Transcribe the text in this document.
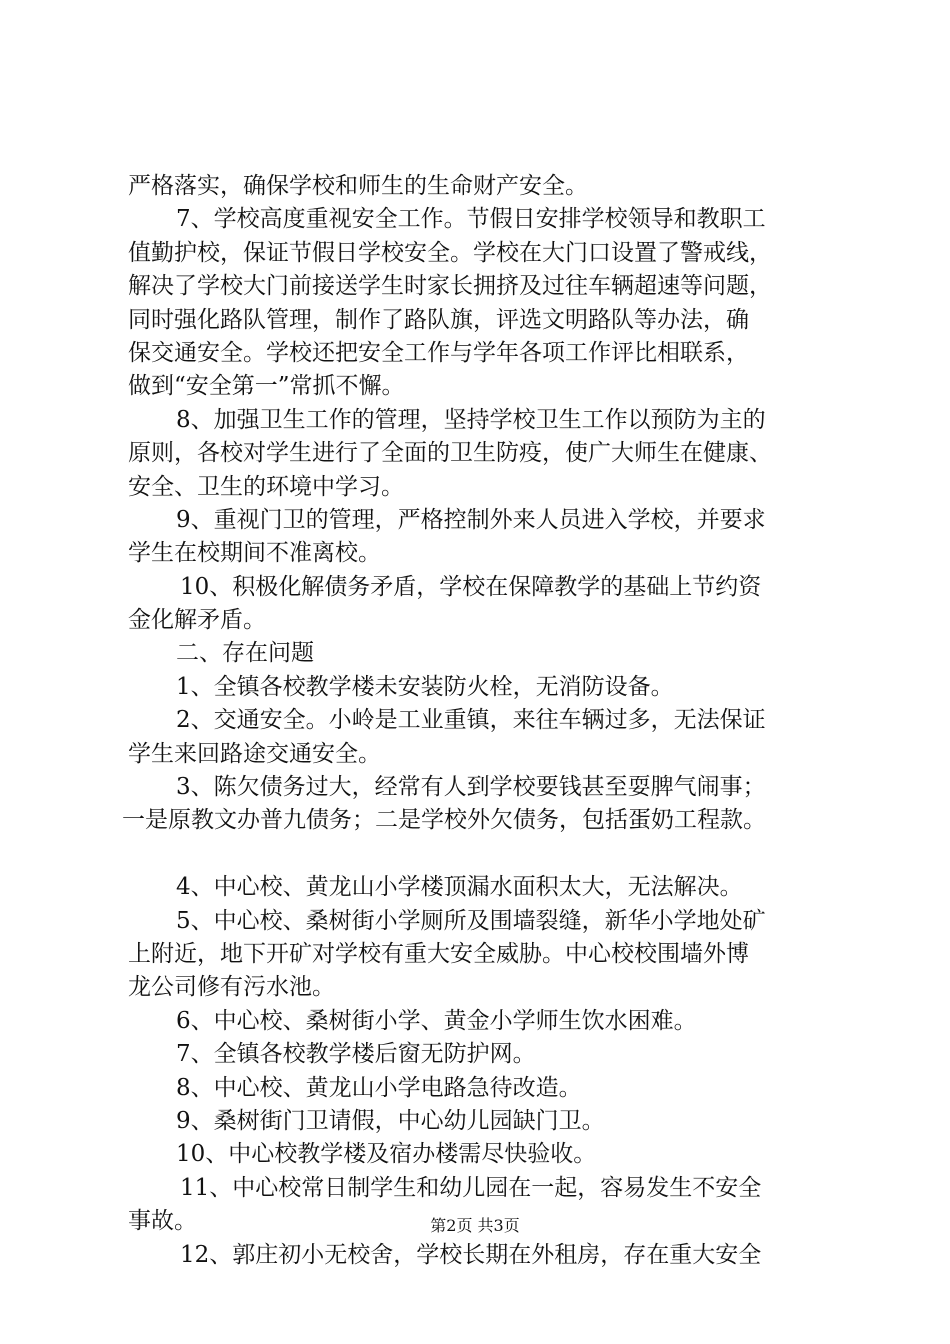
严格落实，确保学校和师生的生命财产安全。
7、学校高度重视安全工作。节假日安排学校领导和教职工
值勤护校，保证节假日学校安全。学校在大门口设置了警戒线，
解决了学校大门前接送学生时家长拥挤及过往车辆超速等问题，
同时强化路队管理，制作了路队旗，评选文明路队等办法，确
保交通安全。学校还把安全工作与学年各项工作评比相联系，
做到“安全第一”常抓不懈。
8、加强卫生工作的管理，坚持学校卫生工作以预防为主的
原则，各校对学生进行了全面的卫生防疫，使广大师生在健康、
安全、卫生的环境中学习。
9、重视门卫的管理，严格控制外来人员进入学校，并要求
学生在校期间不准离校。
10、积极化解债务矛盾，学校在保障教学的基础上节约资
金化解矛盾。
二、存在问题
1、全镇各校教学楼未安装防火栓，无消防设备。
2、交通安全。小岭是工业重镇，来往车辆过多，无法保证
学生来回路途交通安全。
3、陈欠债务过大，经常有人到学校要钱甚至耍脾气闹事；
一是原教文办普九债务；二是学校外欠债务，包括蛋奶工程款。
4、中心校、黄龙山小学楼顶漏水面积太大，无法解决。
5、中心校、桑树街小学厕所及围墙裂缝，新华小学地处矿
上附近，地下开矿对学校有重大安全威胁。中心校校围墙外博
龙公司修有污水池。
6、中心校、桑树街小学、黄金小学师生饮水困难。
7、全镇各校教学楼后窗无防护网。
8、中心校、黄龙山小学电路急待改造。
9、桑树街门卫请假，中心幼儿园缺门卫。
10、中心校教学楼及宿办楼需尽快验收。
11、中心校常日制学生和幼儿园在一起，容易发生不安全
事故。
12、郭庄初小无校舍，学校长期在外租房，存在重大安全
第2页 共3页
